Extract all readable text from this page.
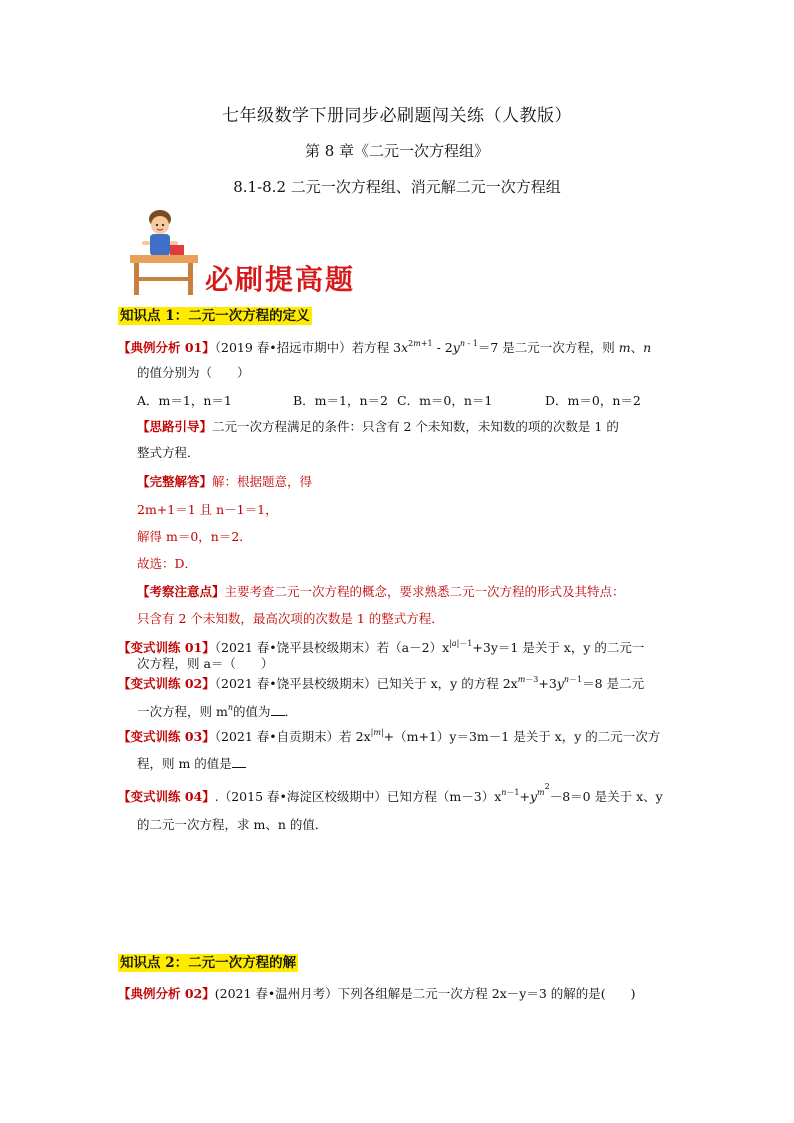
七年级数学下册同步必刷题闯关练（人教版）
第 8 章《二元一次方程组》
8.1-8.2 二元一次方程组、消元解二元一次方程组
必刷提高题
知识点 1：二元一次方程的定义
【典例分析 01】（2019 春•招远市期中）若方程 $3x^{2m+1} - 2y^{n - 1}=7$ 是二元一次方程，则 m、n
的值分别为（　　）
A．m＝1，n＝1	B．m＝1，n＝2 C．m＝0，n＝1	D．m＝0，n＝2
【思路引导】二元一次方程满足的条件：只含有 2 个未知数，未知数的项的次数是 1 的
整式方程．
【完整解答】解：根据题意，得
2m+1＝1 且 n－1＝1，
解得 m＝0，n＝2．
故选：D．
【考察注意点】主要考查二元一次方程的概念，要求熟悉二元一次方程的形式及其特点：
只含有 2 个未知数，最高次项的次数是 1 的整式方程．
【变式训练 01】（2021 春•饶平县校级期末）若$(a-2)x^{|a|-1}+3y=1$ 是关于 x，y 的二元一
次方程，则 a＝（　　）
【变式训练 02】（2021 春•饶平县校级期末）已知关于 x，y 的方程 $2x^{m-3}+3y^{n-1}=8$ 是二元
一次方程，则 $m^n$的值为 ．
【变式训练 03】（2021 春•自贡期末）若 $2x^{|m|}+(m+1)y=3m-1$ 是关于 x，y 的二元一次方
程，则 m 的值是
【变式训练 04】.（2015 春•海淀区校级期中）已知方程$(m-3)x^{n-1}+y^{m^2}-8=0$ 是关于 x、y
的二元一次方程，求 m、n 的值．
知识点 2：二元一次方程的解
【典例分析 02】(2021 春•温州月考）下列各组解是二元一次方程 2x－y＝3 的解的是(　　)
